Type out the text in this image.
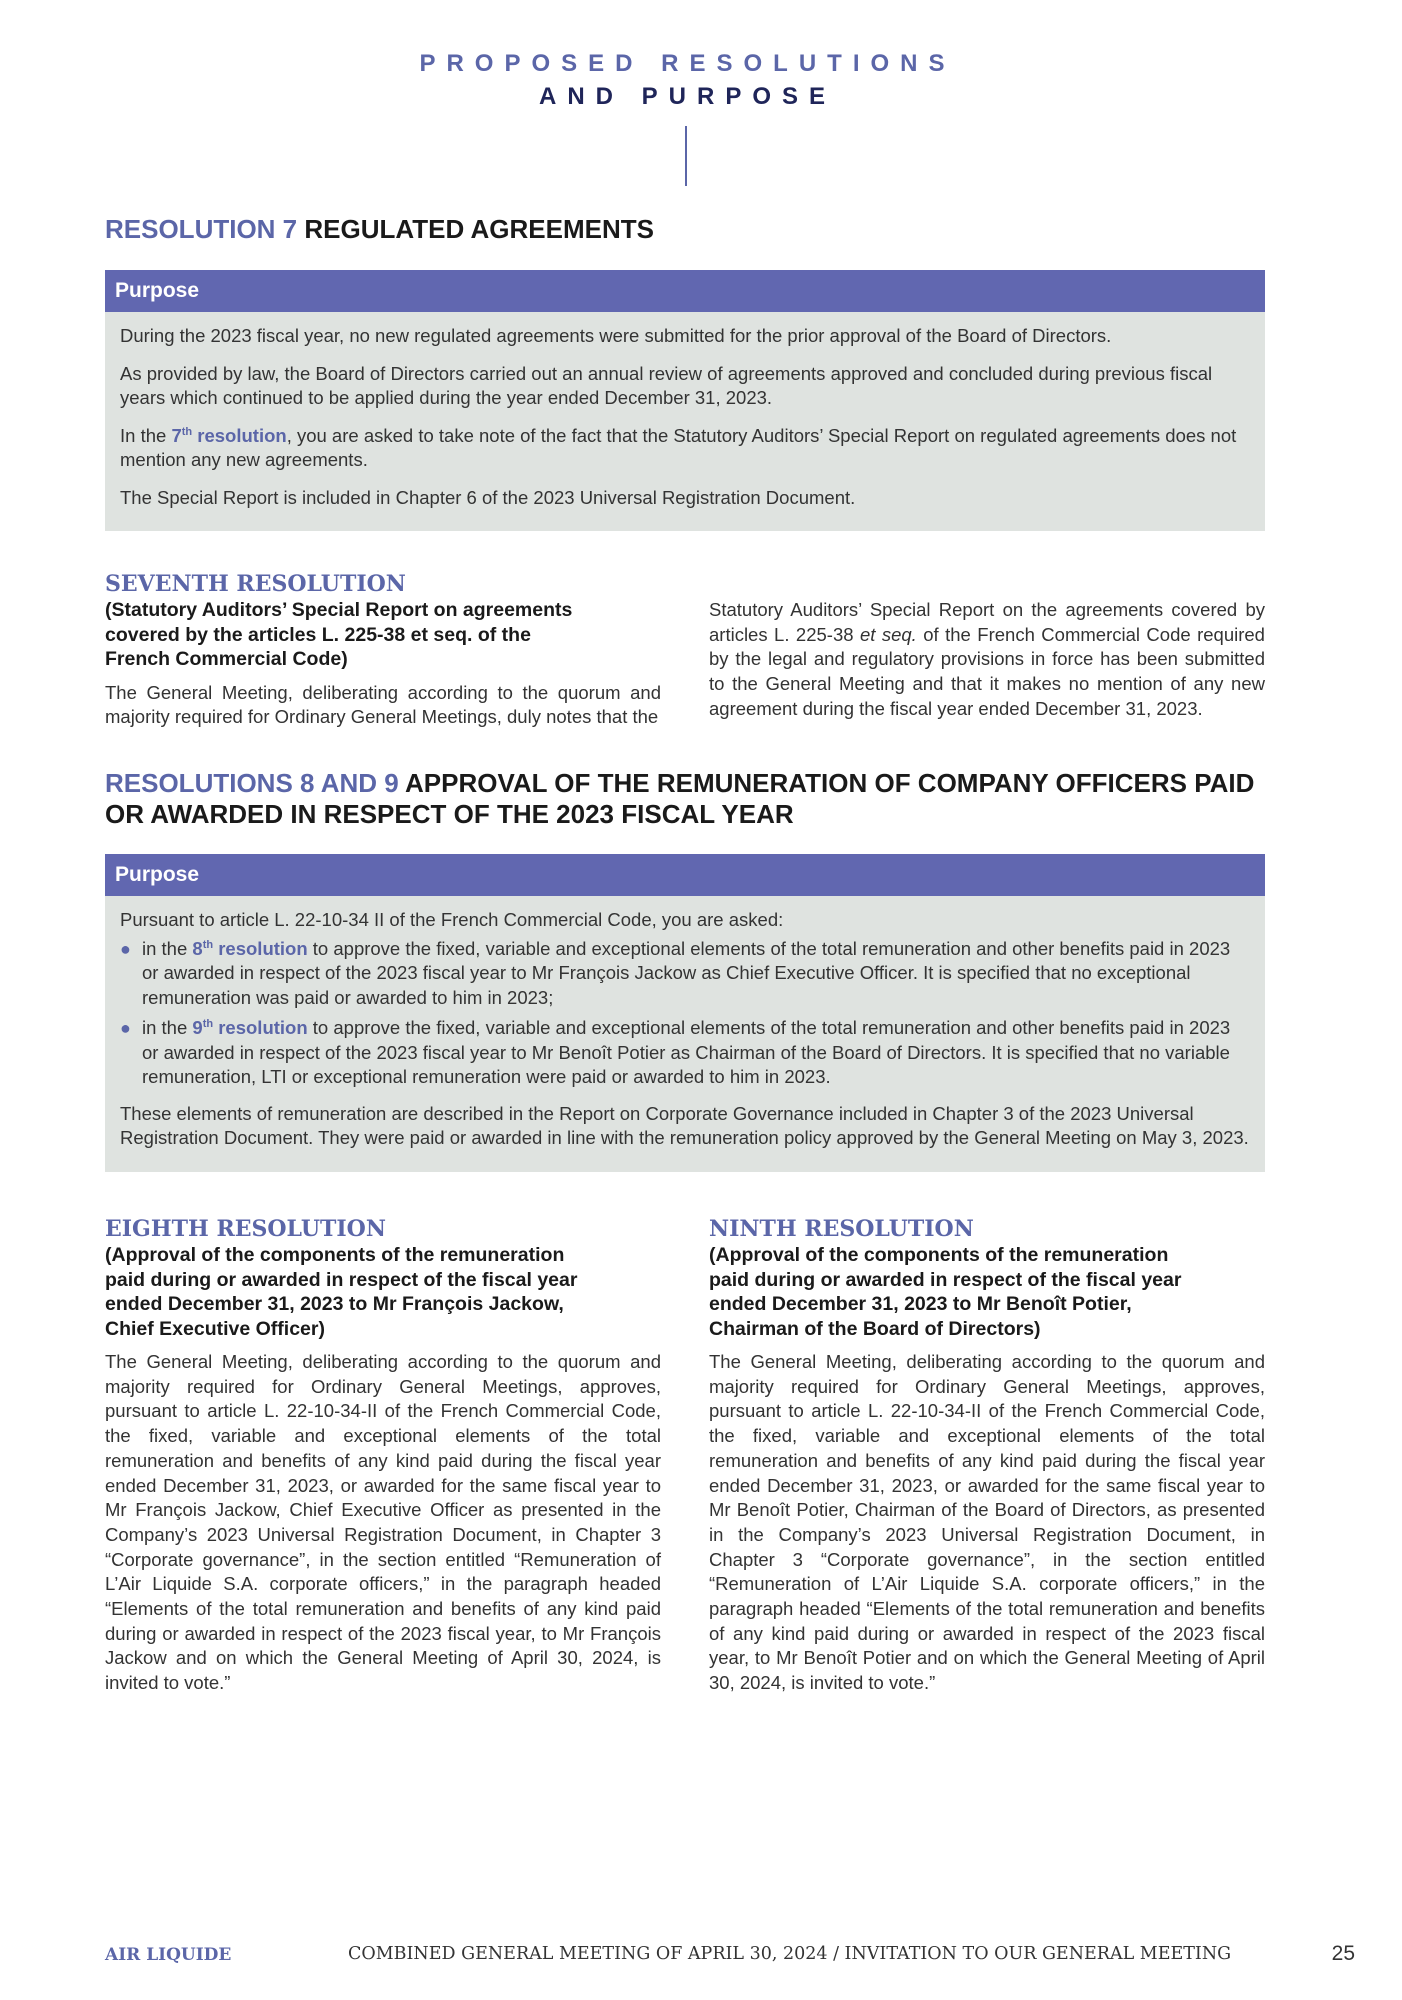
PROPOSED RESOLUTIONS
AND PURPOSE
RESOLUTION 7 REGULATED AGREEMENTS
Purpose

During the 2023 fiscal year, no new regulated agreements were submitted for the prior approval of the Board of Directors.

As provided by law, the Board of Directors carried out an annual review of agreements approved and concluded during previous fiscal years which continued to be applied during the year ended December 31, 2023.

In the 7th resolution, you are asked to take note of the fact that the Statutory Auditors’ Special Report on regulated agreements does not mention any new agreements.

The Special Report is included in Chapter 6 of the 2023 Universal Registration Document.

SEVENTH RESOLUTION
(Statutory Auditors’ Special Report on agreements covered by the articles L. 225-38 et seq. of the French Commercial Code)
The General Meeting, deliberating according to the quorum and majority required for Ordinary General Meetings, duly notes that the
Statutory Auditors’ Special Report on the agreements covered by articles L. 225-38 et seq. of the French Commercial Code required by the legal and regulatory provisions in force has been submitted to the General Meeting and that it makes no mention of any new agreement during the fiscal year ended December 31, 2023.
RESOLUTIONS 8 AND 9 APPROVAL OF THE REMUNERATION OF COMPANY OFFICERS PAID OR AWARDED IN RESPECT OF THE 2023 FISCAL YEAR
Purpose

Pursuant to article L. 22-10-34 II of the French Commercial Code, you are asked:

● in the 8th resolution to approve the fixed, variable and exceptional elements of the total remuneration and other benefits paid in 2023 or awarded in respect of the 2023 fiscal year to Mr François Jackow as Chief Executive Officer. It is specified that no exceptional remuneration was paid or awarded to him in 2023;
● in the 9th resolution to approve the fixed, variable and exceptional elements of the total remuneration and other benefits paid in 2023 or awarded in respect of the 2023 fiscal year to Mr Benoît Potier as Chairman of the Board of Directors. It is specified that no variable remuneration, LTI or exceptional remuneration were paid or awarded to him in 2023.

These elements of remuneration are described in the Report on Corporate Governance included in Chapter 3 of the 2023 Universal Registration Document. They were paid or awarded in line with the remuneration policy approved by the General Meeting on May 3, 2023.

EIGHTH RESOLUTION
(Approval of the components of the remuneration paid during or awarded in respect of the fiscal year ended December 31, 2023 to Mr François Jackow, Chief Executive Officer)
The General Meeting, deliberating according to the quorum and majority required for Ordinary General Meetings, approves, pursuant to article L. 22-10-34-II of the French Commercial Code, the fixed, variable and exceptional elements of the total remuneration and benefits of any kind paid during the fiscal year ended December 31, 2023, or awarded for the same fiscal year to Mr François Jackow, Chief Executive Officer as presented in the Company’s 2023 Universal Registration Document, in Chapter 3 “Corporate governance”, in the section entitled “Remuneration of L’Air Liquide S.A. corporate officers,” in the paragraph headed “Elements of the total remuneration and benefits of any kind paid during or awarded in respect of the 2023 fiscal year, to Mr François Jackow and on which the General Meeting of April 30, 2024, is invited to vote.”
NINTH RESOLUTION
(Approval of the components of the remuneration paid during or awarded in respect of the fiscal year ended December 31, 2023 to Mr Benoît Potier, Chairman of the Board of Directors)
The General Meeting, deliberating according to the quorum and majority required for Ordinary General Meetings, approves, pursuant to article L. 22-10-34-II of the French Commercial Code, the fixed, variable and exceptional elements of the total remuneration and benefits of any kind paid during the fiscal year ended December 31, 2023, or awarded for the same fiscal year to Mr Benoît Potier, Chairman of the Board of Directors, as presented in the Company’s 2023 Universal Registration Document, in Chapter 3 “Corporate governance”, in the section entitled “Remuneration of L’Air Liquide S.A. corporate officers,” in the paragraph headed “Elements of the total remuneration and benefits of any kind paid during or awarded in respect of the 2023 fiscal year, to Mr Benoît Potier and on which the General Meeting of April 30, 2024, is invited to vote.”
AIR LIQUIDE	COMBINED GENERAL MEETING OF APRIL 30, 2024 / INVITATION TO OUR GENERAL MEETING	25
